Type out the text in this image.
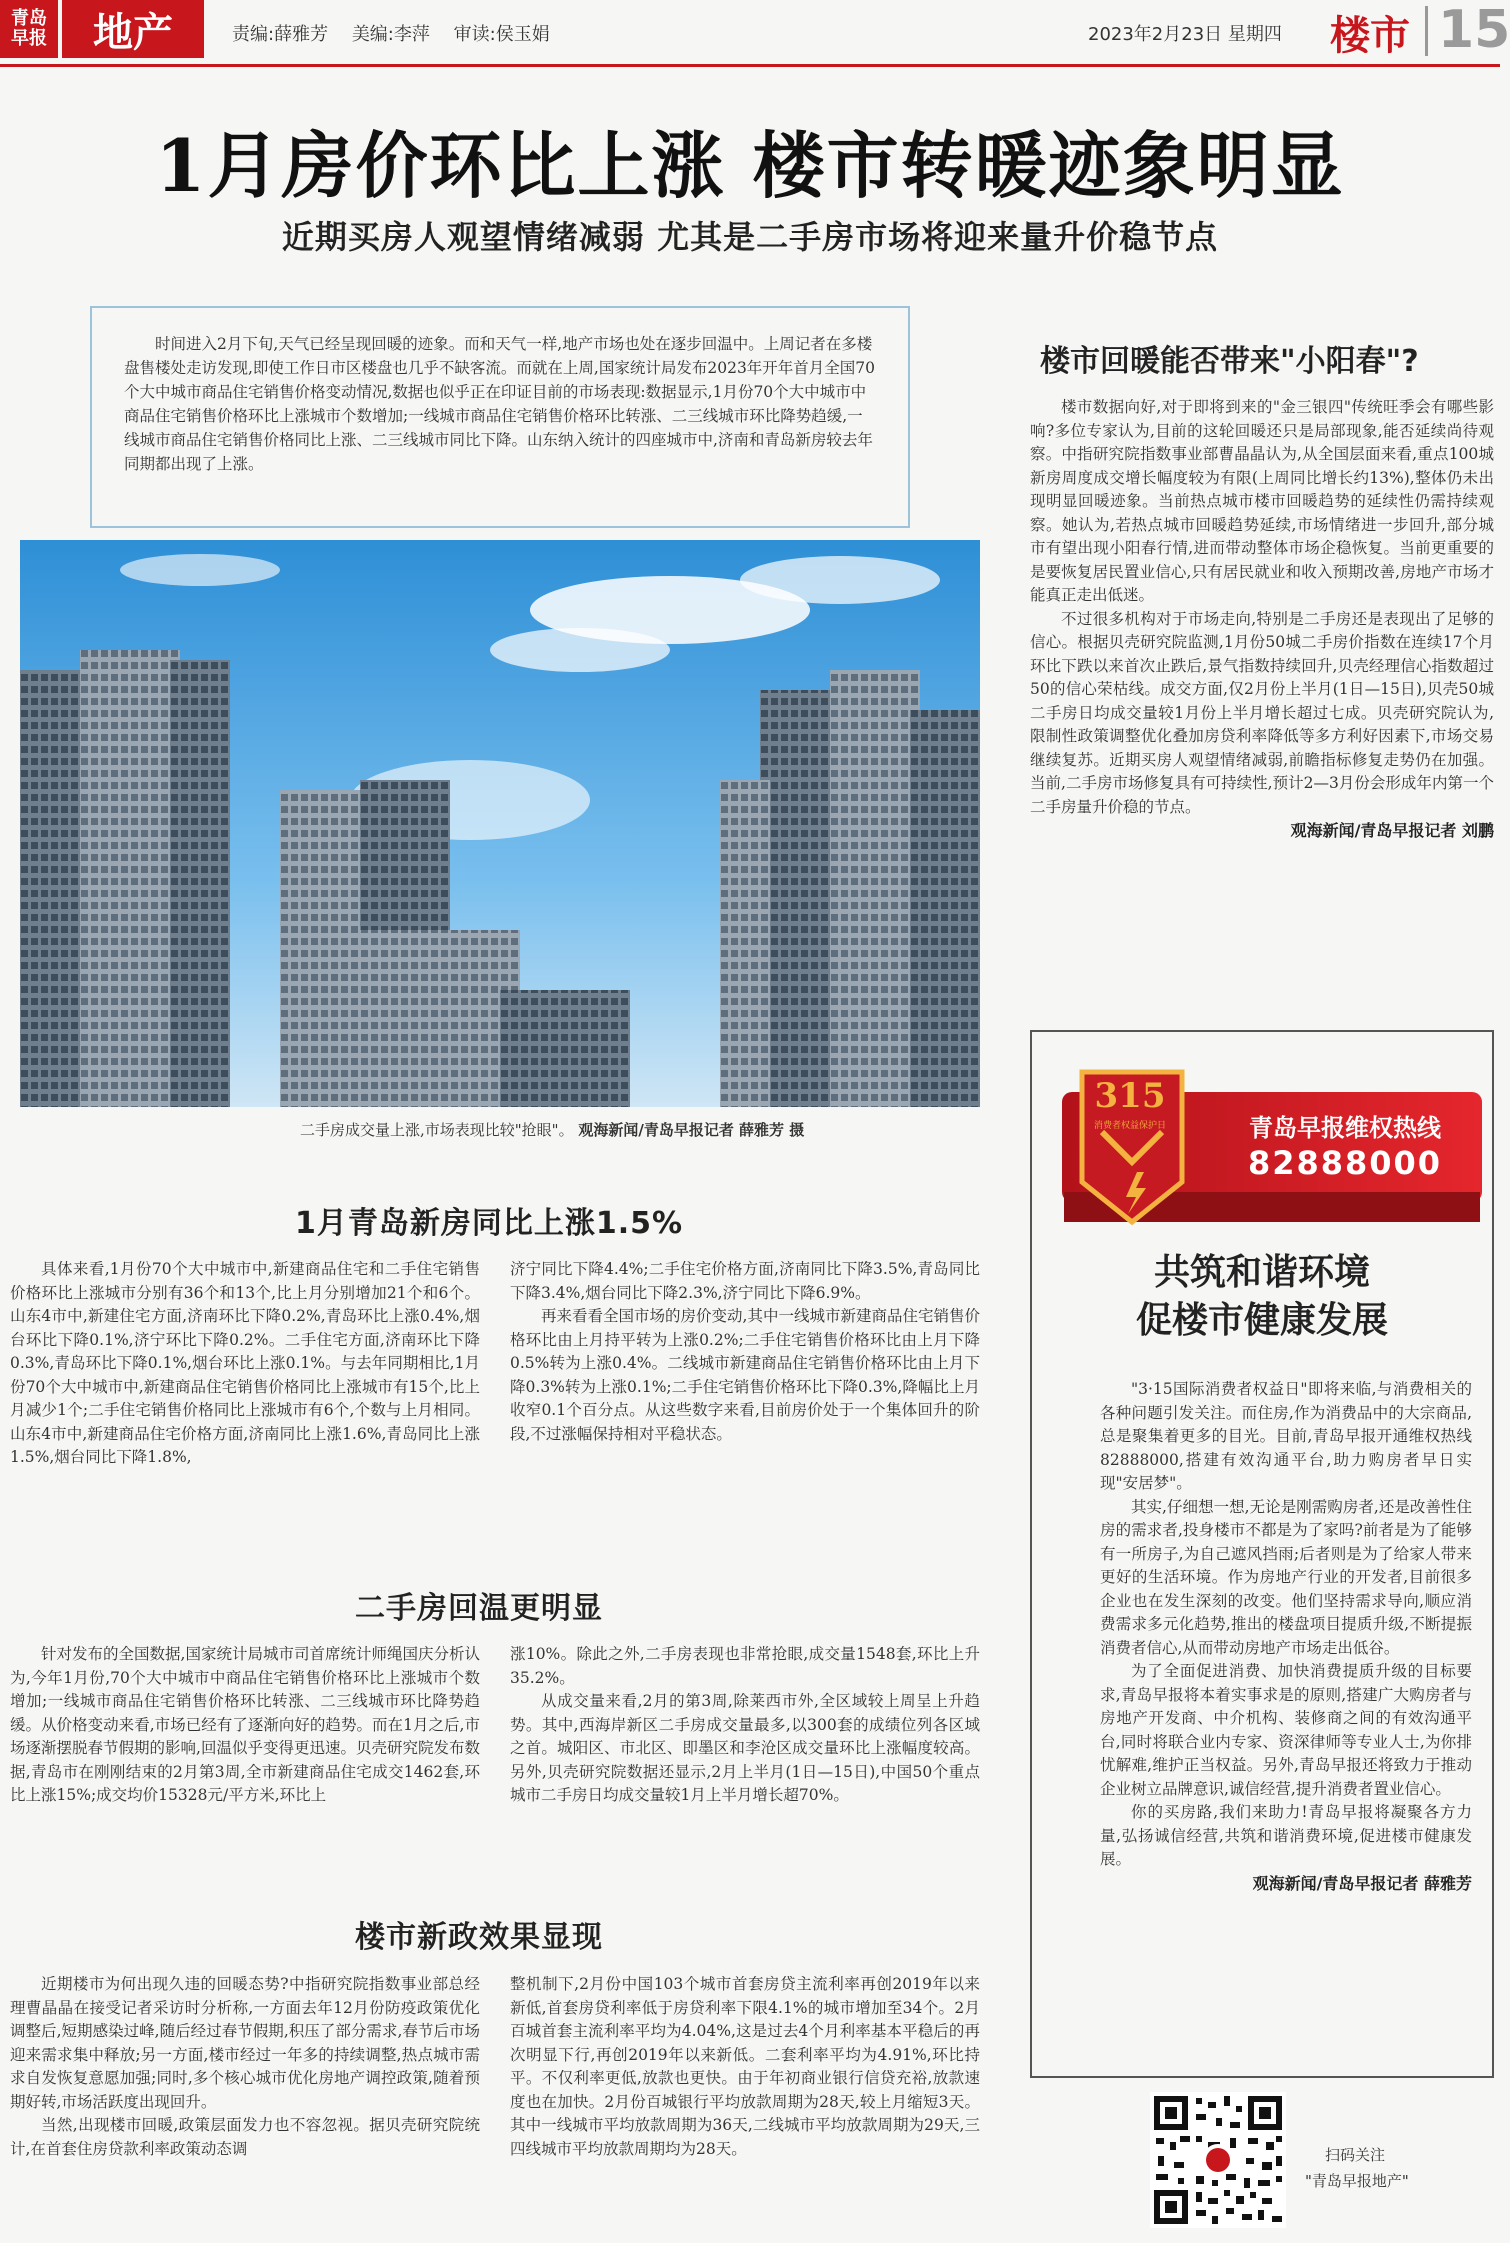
青岛早报	地产	责编:薛雅芳 美编:李萍 审读:侯玉娟	2023年2月23日 星期四 楼市 15
1月房价环比上涨 楼市转暖迹象明显
近期买房人观望情绪减弱 尤其是二手房市场将迎来量升价稳节点
时间进入2月下旬,天气已经呈现回暖的迹象。而和天气一样,地产市场也处在逐步回温中。上周记者在多楼盘售楼处走访发现,即使工作日市区楼盘也几乎不缺客流。而就在上周,国家统计局发布2023年开年首月全国70个大中城市商品住宅销售价格变动情况,数据也似乎正在印证目前的市场表现:数据显示,1月份70个大中城市中商品住宅销售价格环比上涨城市个数增加;一线城市商品住宅销售价格环比转涨、二三线城市环比降势趋缓,一线城市商品住宅销售价格同比上涨、二三线城市同比下降。山东纳入统计的四座城市中,济南和青岛新房较去年同期都出现了上涨。
二手房成交量上涨,市场表现比较"抢眼"。 观海新闻/青岛早报记者 薛雅芳 摄
1月青岛新房同比上涨1.5%

具体来看,1月份70个大中城市中,新建商品住宅和二手住宅销售价格环比上涨城市分别有36个和13个,比上月分别增加21个和6个。山东4市中,新建住宅方面,济南环比下降0.2%,青岛环比上涨0.4%,烟台环比下降0.1%,济宁环比下降0.2%。二手住宅方面,济南环比下降0.3%,青岛环比下降0.1%,烟台环比上涨0.1%。与去年同期相比,1月份70个大中城市中,新建商品住宅销售价格同比上涨城市有15个,比上月减少1个;二手住宅销售价格同比上涨城市有6个,个数与上月相同。山东4市中,新建商品住宅价格方面,济南同比上涨1.6%,青岛同比上涨1.5%,烟台同比下降1.8%,

济宁同比下降4.4%;二手住宅价格方面,济南同比下降3.5%,青岛同比下降3.4%,烟台同比下降2.3%,济宁同比下降6.9%。

再来看看全国市场的房价变动,其中一线城市新建商品住宅销售价格环比由上月持平转为上涨0.2%;二手住宅销售价格环比由上月下降0.5%转为上涨0.4%。二线城市新建商品住宅销售价格环比由上月下降0.3%转为上涨0.1%;二手住宅销售价格环比下降0.3%,降幅比上月收窄0.1个百分点。从这些数字来看,目前房价处于一个集体回升的阶段,不过涨幅保持相对平稳状态。

二手房回温更明显

针对发布的全国数据,国家统计局城市司首席统计师绳国庆分析认为,今年1月份,70个大中城市中商品住宅销售价格环比上涨城市个数增加;一线城市商品住宅销售价格环比转涨、二三线城市环比降势趋缓。从价格变动来看,市场已经有了逐渐向好的趋势。而在1月之后,市场逐渐摆脱春节假期的影响,回温似乎变得更迅速。贝壳研究院发布数据,青岛市在刚刚结束的2月第3周,全市新建商品住宅成交1462套,环比上涨15%;成交均价15328元/平方米,环比上

涨10%。除此之外,二手房表现也非常抢眼,成交量1548套,环比上升35.2%。

从成交量来看,2月的第3周,除莱西市外,全区域较上周呈上升趋势。其中,西海岸新区二手房成交量最多,以300套的成绩位列各区域之首。城阳区、市北区、即墨区和李沧区成交量环比上涨幅度较高。另外,贝壳研究院数据还显示,2月上半月(1日—15日),中国50个重点城市二手房日均成交量较1月上半月增长超70%。

楼市新政效果显现

近期楼市为何出现久违的回暖态势?中指研究院指数事业部总经理曹晶晶在接受记者采访时分析称,一方面去年12月份防疫政策优化调整后,短期感染过峰,随后经过春节假期,积压了部分需求,春节后市场迎来需求集中释放;另一方面,楼市经过一年多的持续调整,热点城市需求自发恢复意愿加强;同时,多个核心城市优化房地产调控政策,随着预期好转,市场活跃度出现回升。

当然,出现楼市回暖,政策层面发力也不容忽视。据贝壳研究院统计,在首套住房贷款利率政策动态调

整机制下,2月份中国103个城市首套房贷主流利率再创2019年以来新低,首套房贷利率低于房贷利率下限4.1%的城市增加至34个。2月百城首套主流利率平均为4.04%,这是过去4个月利率基本平稳后的再次明显下行,再创2019年以来新低。二套利率平均为4.91%,环比持平。不仅利率更低,放款也更快。由于年初商业银行信贷充裕,放款速度也在加快。2月份百城银行平均放款周期为28天,较上月缩短3天。其中一线城市平均放款周期为36天,二线城市平均放款周期为29天,三四线城市平均放款周期均为28天。

楼市回暖能否带来"小阳春"?

楼市数据向好,对于即将到来的"金三银四"传统旺季会有哪些影响?多位专家认为,目前的这轮回暖还只是局部现象,能否延续尚待观察。中指研究院指数事业部曹晶晶认为,从全国层面来看,重点100城新房周度成交增长幅度较为有限(上周同比增长约13%),整体仍未出现明显回暖迹象。当前热点城市楼市回暖趋势的延续性仍需持续观察。她认为,若热点城市回暖趋势延续,市场情绪进一步回升,部分城市有望出现小阳春行情,进而带动整体市场企稳恢复。当前更重要的是要恢复居民置业信心,只有居民就业和收入预期改善,房地产市场才能真正走出低迷。

不过很多机构对于市场走向,特别是二手房还是表现出了足够的信心。根据贝壳研究院监测,1月份50城二手房价指数在连续17个月环比下跌以来首次止跌后,景气指数持续回升,贝壳经理信心指数超过50的信心荣枯线。成交方面,仅2月份上半月(1日—15日),贝壳50城二手房日均成交量较1月份上半月增长超过七成。贝壳研究院认为,限制性政策调整优化叠加房贷利率降低等多方利好因素下,市场交易继续复苏。近期买房人观望情绪减弱,前瞻指标修复走势仍在加强。当前,二手房市场修复具有可持续性,预计2—3月份会形成年内第一个二手房量升价稳的节点。

观海新闻/青岛早报记者 刘鹏
315
消费者权益保护日	青岛早报维权热线
82888000
共筑和谐环境
促楼市健康发展

"3·15国际消费者权益日"即将来临,与消费相关的各种问题引发关注。而住房,作为消费品中的大宗商品,总是聚集着更多的目光。目前,青岛早报开通维权热线82888000,搭建有效沟通平台,助力购房者早日实现"安居梦"。

其实,仔细想一想,无论是刚需购房者,还是改善性住房的需求者,投身楼市不都是为了家吗?前者是为了能够有一所房子,为自己遮风挡雨;后者则是为了给家人带来更好的生活环境。作为房地产行业的开发者,目前很多企业也在发生深刻的改变。他们坚持需求导向,顺应消费需求多元化趋势,推出的楼盘项目提质升级,不断提振消费者信心,从而带动房地产市场走出低谷。

为了全面促进消费、加快消费提质升级的目标要求,青岛早报将本着实事求是的原则,搭建广大购房者与房地产开发商、中介机构、装修商之间的有效沟通平台,同时将联合业内专家、资深律师等专业人士,为你排忧解难,维护正当权益。另外,青岛早报还将致力于推动企业树立品牌意识,诚信经营,提升消费者置业信心。

你的买房路,我们来助力!青岛早报将凝聚各方力量,弘扬诚信经营,共筑和谐消费环境,促进楼市健康发展。

观海新闻/青岛早报记者 薛雅芳
扫码关注
"青岛早报地产"
